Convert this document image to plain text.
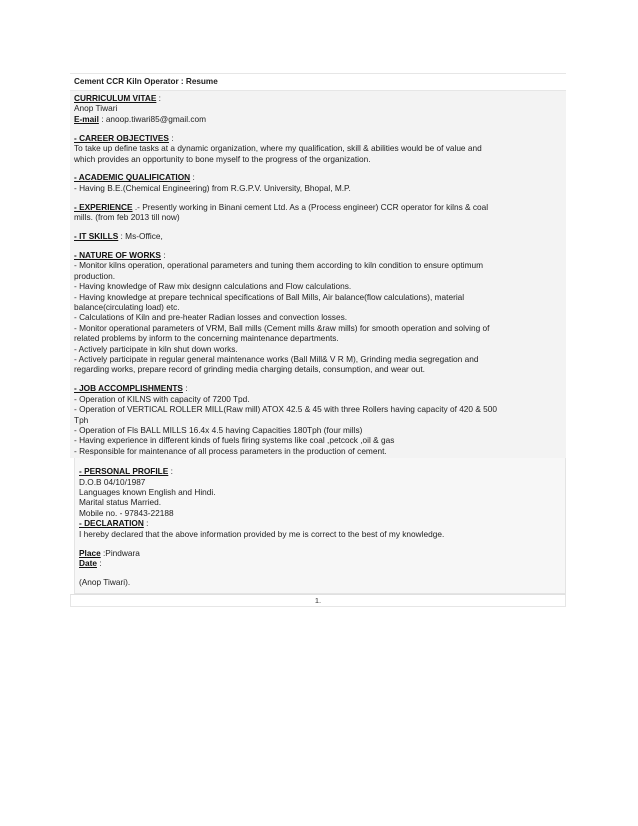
Cement CCR Kiln Operator : Resume
CURRICULUM VITAE :
Anop Tiwari
E-mail : anoop.tiwari85@gmail.com
- CAREER OBJECTIVES :
To take up define tasks at a dynamic organization, where my qualification, skill & abilities would be of value and
which provides an opportunity to bone myself to the progress of the organization.
- ACADEMIC QUALIFICATION :
- Having B.E.(Chemical Engineering) from R.G.P.V. University, Bhopal, M.P.
- EXPERIENCE .- Presently working in Binani cement Ltd. As a (Process engineer) CCR operator for kilns & coal
mills. (from feb 2013 till now)
- IT SKILLS : Ms-Office,
- NATURE OF WORKS :
- Monitor kilns operation, operational parameters and tuning them according to kiln condition to ensure optimum
production.
- Having knowledge of Raw mix designn calculations and Flow calculations.
- Having knowledge at prepare technical specifications of Ball Mills, Air balance(flow calculations), material
balance(circulating load) etc.
- Calculations of Kiln and pre-heater Radian losses and convection losses.
- Monitor operational parameters of VRM, Ball mills (Cement mills &raw mills) for smooth operation and solving of
related problems by inform to the concerning maintenance departments.
- Actively participate in kiln shut down works.
- Actively participate in regular general maintenance works (Ball Mill& V R M), Grinding media segregation and
regarding works, prepare record of grinding media charging details, consumption, and wear out.
- JOB ACCOMPLISHMENTS :
- Operation of KILNS with capacity of 7200 Tpd.
- Operation of VERTICAL ROLLER MILL(Raw mill) ATOX 42.5 & 45 with three Rollers having capacity of 420 & 500
Tph
- Operation of Fls BALL MILLS 16.4x 4.5 having Capacities 180Tph (four mills)
- Having experience in different kinds of fuels firing systems like coal ,petcock ,oil & gas
- Responsible for maintenance of all process parameters in the production of cement.
- PERSONAL PROFILE :
D.O.B 04/10/1987
Languages known English and Hindi.
Marital status Married.
Mobile no. - 97843-22188
- DECLARATION :
I hereby declared that the above information provided by me is correct to the best of my knowledge.
Place :Pindwara
Date :
(Anop Tiwari).
1.
